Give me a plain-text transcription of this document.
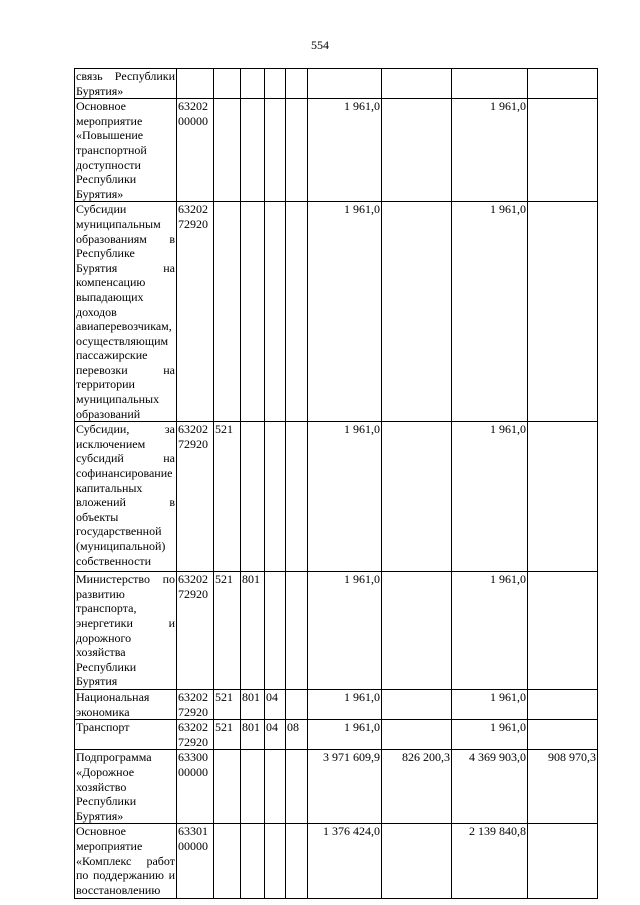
554
связь Республики Бурятия»									
Основное мероприятие «Повышение транспортной доступности Республики Бурятия»	6320200000					1 961,0		1 961,0	
Субсидии муниципальным образованиям в Республике Бурятия на компенсацию выпадающих доходов авиаперевозчикам, осуществляющим пассажирские перевозки на территории муниципальных образований	6320272920					1 961,0		1 961,0	
Субсидии, за исключением субсидий на софинансирование капитальных вложений в объекты государственной (муниципальной) собственности	6320272920	521				1 961,0		1 961,0	
Министерство по развитию транспорта, энергетики и дорожного хозяйства Республики Бурятия	6320272920	521	801			1 961,0		1 961,0	
Национальная экономика	6320272920	521	801	04		1 961,0		1 961,0	
Транспорт	6320272920	521	801	04	08	1 961,0		1 961,0	
Подпрограмма «Дорожное хозяйство Республики Бурятия»	6330000000					3 971 609,9	826 200,3	4 369 903,0	908 970,3
Основное мероприятие «Комплекс работ по поддержанию и восстановлению	6330100000					1 376 424,0		2 139 840,8	
